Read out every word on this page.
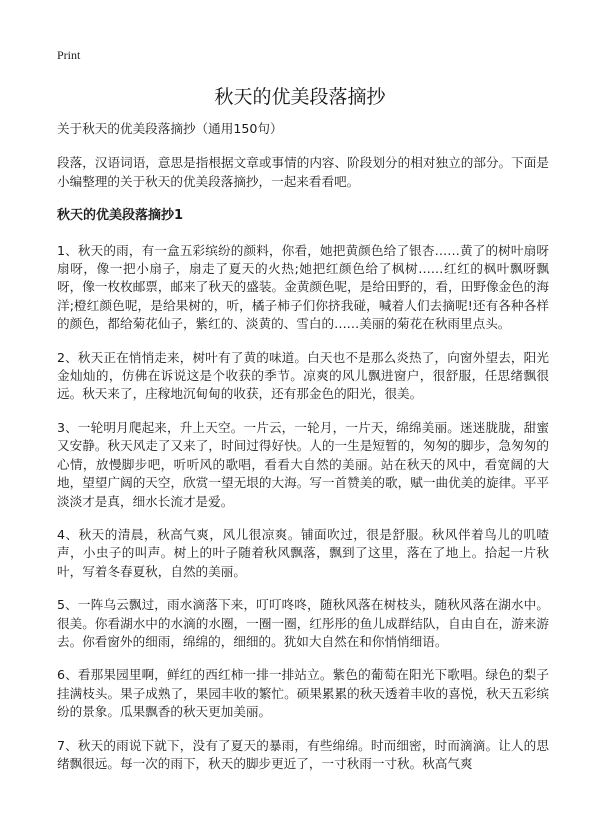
Print
秋天的优美段落摘抄

关于秋天的优美段落摘抄（通用150句）

段落，汉语词语，意思是指根据文章或事情的内容、阶段划分的相对独立的部分。下面是小编整理的关于秋天的优美段落摘抄，一起来看看吧。

秋天的优美段落摘抄1

1、秋天的雨，有一盒五彩缤纷的颜料，你看，她把黄颜色给了银杏……黄了的树叶扇呀扇呀，像一把小扇子，扇走了夏天的火热;她把红颜色给了枫树……红红的枫叶飘呀飘呀，像一枚枚邮票，邮来了秋天的盛装。金黄颜色呢，是给田野的，看，田野像金色的海洋;橙红颜色呢，是给果树的，听，橘子柿子们你挤我碰，喊着人们去摘呢!还有各种各样的颜色，都给菊花仙子，紫红的、淡黄的、雪白的……美丽的菊花在秋雨里点头。

2、秋天正在悄悄走来，树叶有了黄的味道。白天也不是那么炎热了，向窗外望去，阳光金灿灿的，仿佛在诉说这是个收获的季节。凉爽的风儿飘进窗户，很舒服，任思绪飘很远。秋天来了，庄稼地沉甸甸的收获，还有那金色的阳光，很美。

3、一轮明月爬起来，升上天空。一片云，一轮月，一片天，绵绵美丽。迷迷胧胧，甜蜜又安静。秋天风走了又来了，时间过得好快。人的一生是短暂的，匆匆的脚步，急匆匆的心情，放慢脚步吧，听听风的歌唱，看看大自然的美丽。站在秋天的风中，看宽阔的大地，望望广阔的天空，欣赏一望无垠的大海。写一首赞美的歌，赋一曲优美的旋律。平平淡淡才是真，细水长流才是爱。

4、秋天的清晨，秋高气爽，风儿很凉爽。铺面吹过，很是舒服。秋风伴着鸟儿的叽喳声，小虫子的叫声。树上的叶子随着秋风飘落，飘到了这里，落在了地上。拾起一片秋叶，写着冬春夏秋，自然的美丽。

5、一阵乌云飘过，雨水滴落下来，叮叮咚咚，随秋风落在树枝头，随秋风落在湖水中。很美。你看湖水中的水滴的水圈，一圈一圈，红彤彤的鱼儿成群结队，自由自在，游来游去。你看窗外的细雨，绵绵的，细细的。犹如大自然在和你悄悄细语。

6、看那果园里啊，鲜红的西红柿一排一排站立。紫色的葡萄在阳光下歌唱。绿色的梨子挂满枝头。果子成熟了，果园丰收的繁忙。硕果累累的秋天透着丰收的喜悦，秋天五彩缤纷的景象。瓜果飘香的秋天更加美丽。

7、秋天的雨说下就下，没有了夏天的暴雨，有些绵绵。时而细密，时而滴滴。让人的思绪飘很远。每一次的雨下，秋天的脚步更近了，一寸秋雨一寸秋。秋高气爽
